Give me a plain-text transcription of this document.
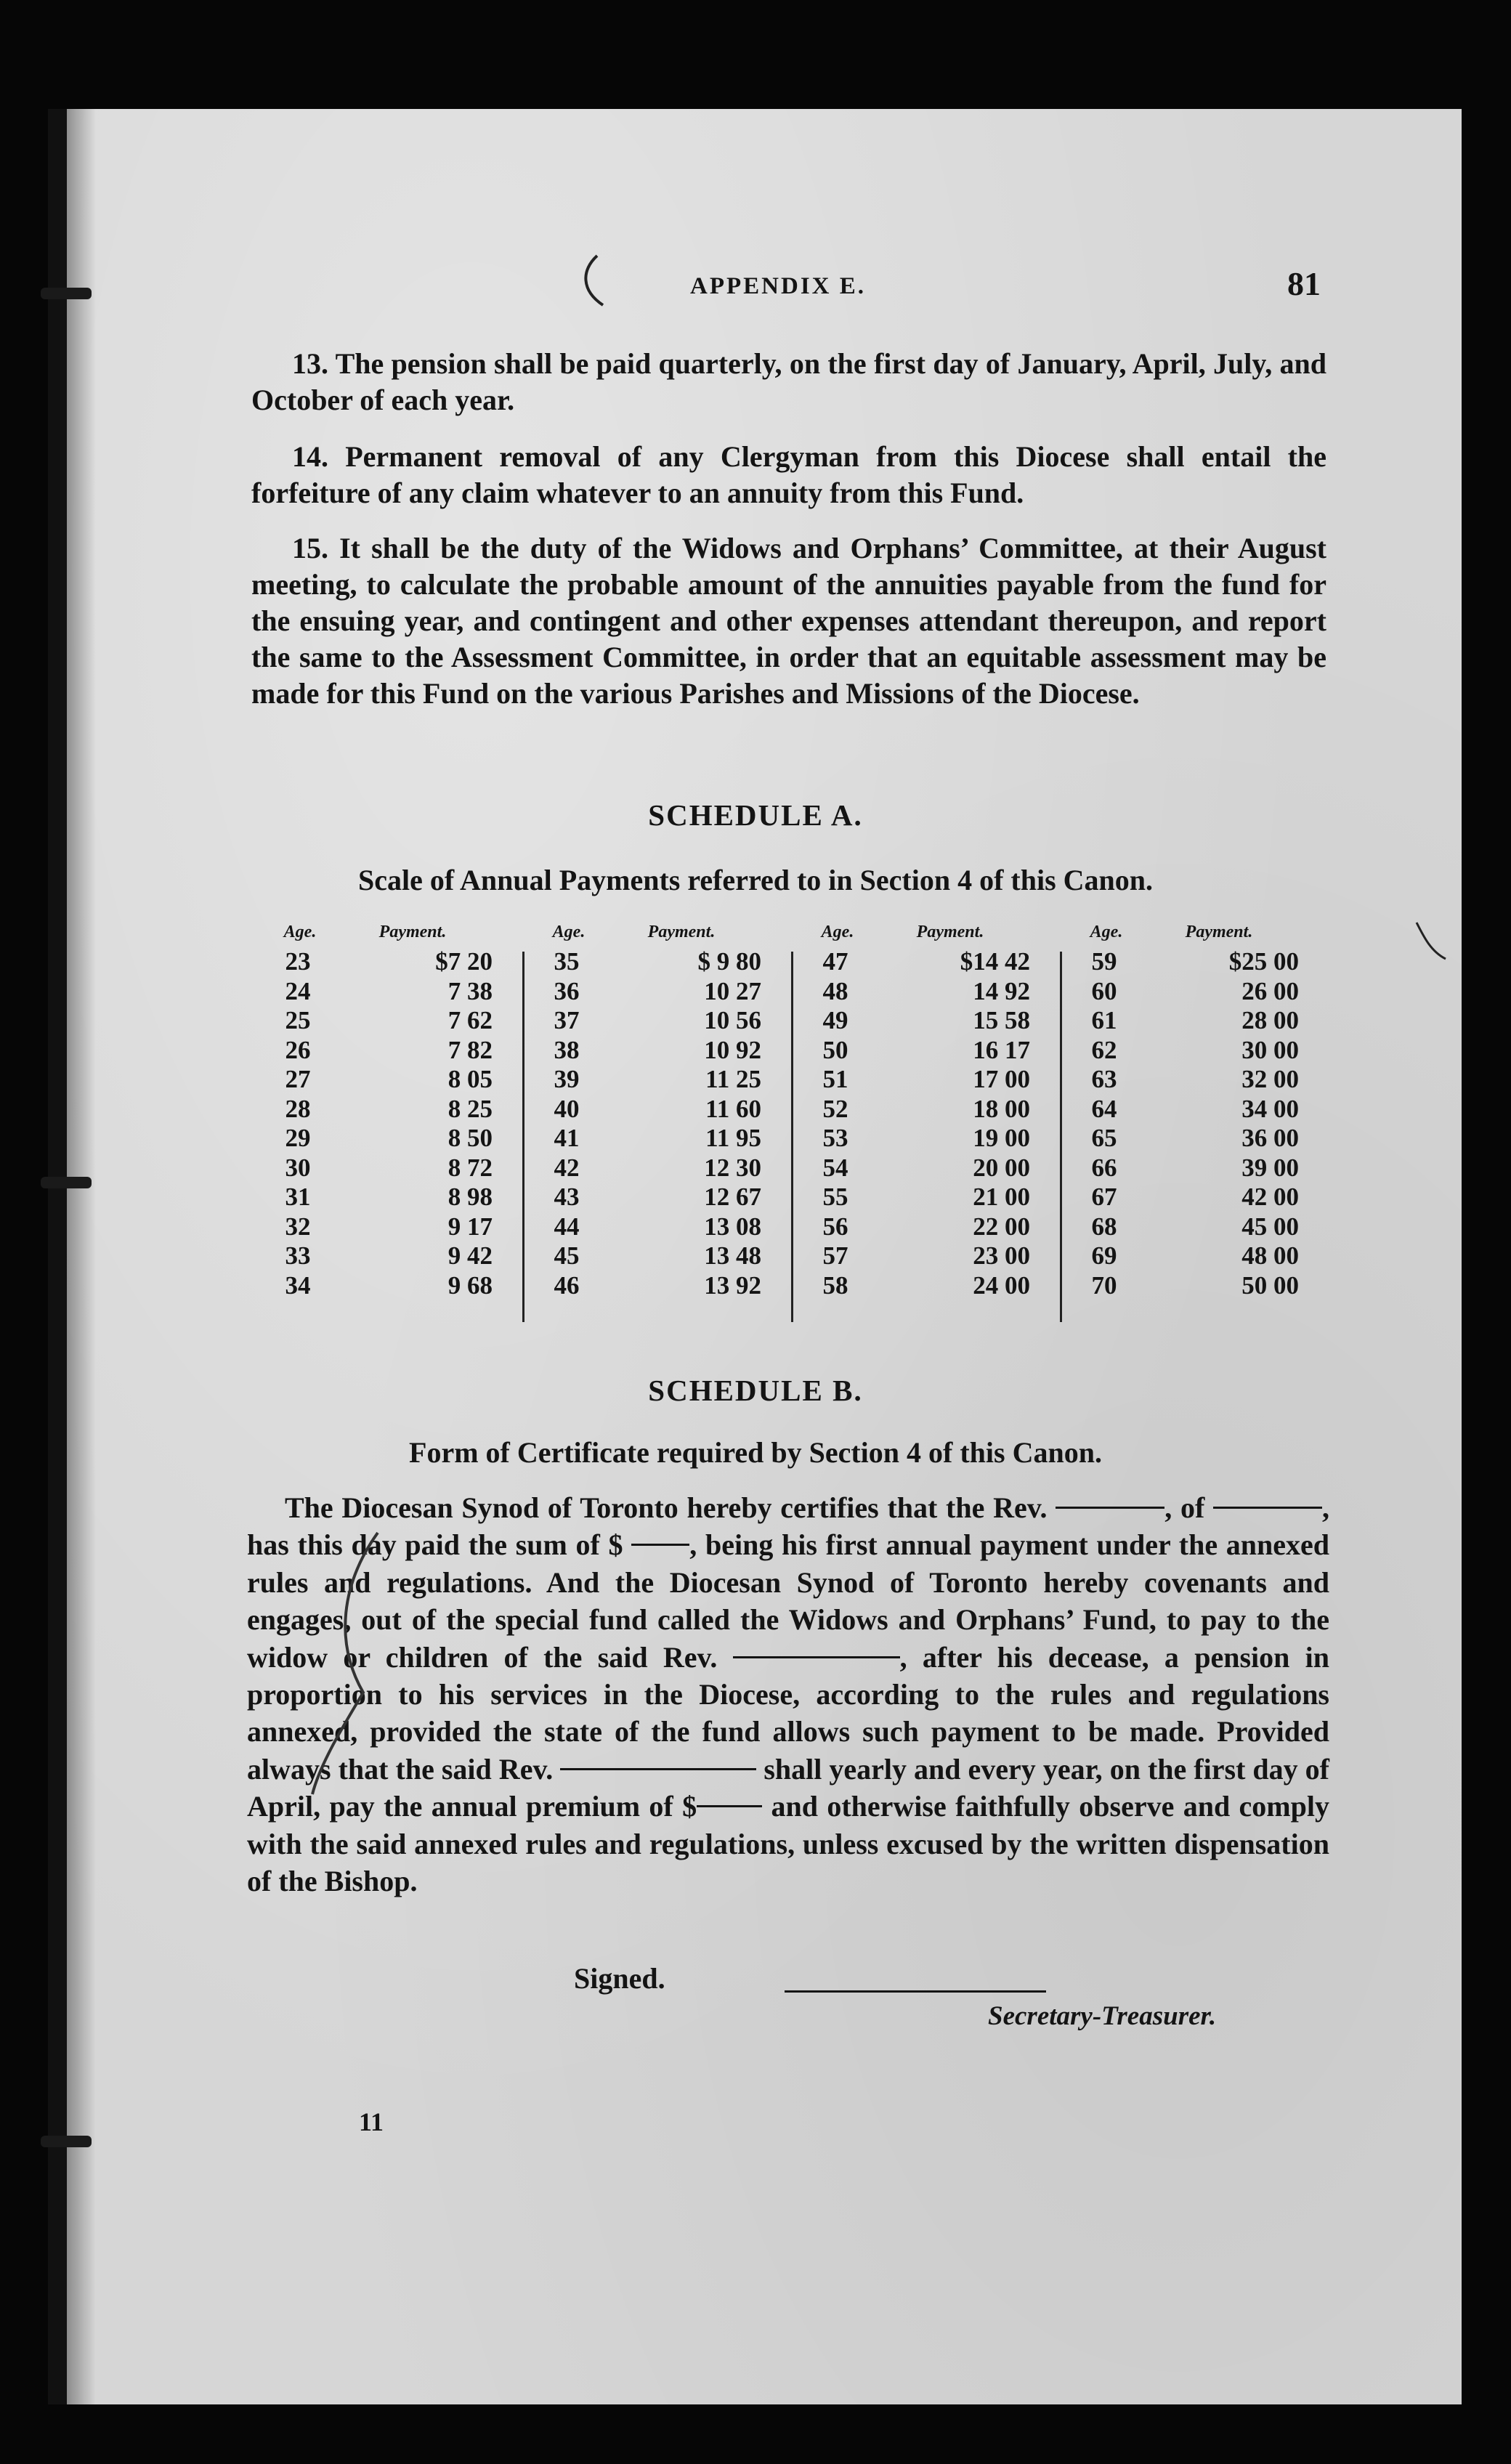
APPENDIX E.	81

13. The pension shall be paid quarterly, on the first day of January, April, July, and October of each year.

14. Permanent removal of any Clergyman from this Diocese shall entail the forfeiture of any claim whatever to an annuity from this Fund.

15. It shall be the duty of the Widows and Orphans’ Committee, at their August meeting, to calculate the probable amount of the annuities payable from the fund for the ensuing year, and contingent and other expenses attendant thereupon, and report the same to the Assessment Committee, in order that an equitable assessment may be made for this Fund on the various Parishes and Missions of the Diocese.

SCHEDULE A.
Scale of Annual Payments referred to in Section 4 of this Canon.
Age.	Payment.
23	$7 20
24	7 38
25	7 62
26	7 82
27	8 05
28	8 25
29	8 50
30	8 72
31	8 98
32	9 17
33	9 42
34	9 68
Age.	Payment.
35	$ 9 80
36	10 27
37	10 56
38	10 92
39	11 25
40	11 60
41	11 95
42	12 30
43	12 67
44	13 08
45	13 48
46	13 92
Age.	Payment.
47	$14 42
48	14 92
49	15 58
50	16 17
51	17 00
52	18 00
53	19 00
54	20 00
55	21 00
56	22 00
57	23 00
58	24 00
Age.	Payment.
59	$25 00
60	26 00
61	28 00
62	30 00
63	32 00
64	34 00
65	36 00
66	39 00
67	42 00
68	45 00
69	48 00
70	50 00
SCHEDULE B.
Form of Certificate required by Section 4 of this Canon.

The Diocesan Synod of Toronto hereby certifies that the Rev.	, of	, has this day paid the sum of $ , being his first annual payment under the annexed rules and regulations. And the Diocesan Synod of Toronto hereby covenants and engages, out of the special fund called the Widows and Orphans’ Fund, to pay to the widow or children of the said Rev.	, after his decease, a pension in proportion to his services in the Diocese, according to the rules and regulations annexed, provided the state of the fund allows such payment to be made. Provided always that the said Rev.	shall yearly and every year, on the first day of April, pay the annual premium of $	and otherwise faithfully observe and comply with the said annexed rules and regulations, unless excused by the written dispensation of the Bishop.

Signed.
Secretary-Treasurer.
11
